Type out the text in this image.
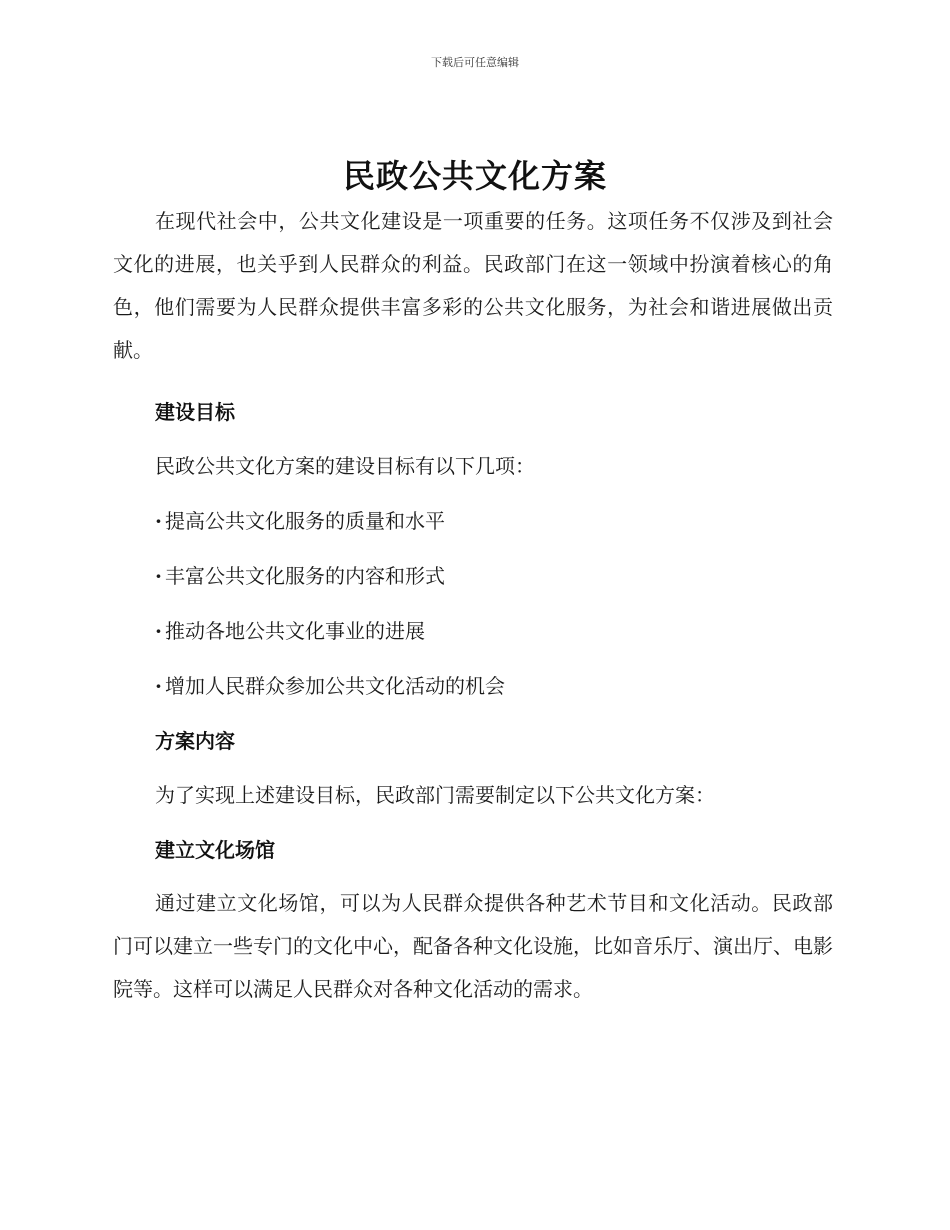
下载后可任意编辑
民政公共文化方案

在现代社会中，公共文化建设是一项重要的任务。这项任务不仅涉及到社会文化的进展，也关乎到人民群众的利益。民政部门在这一领域中扮演着核心的角色，他们需要为人民群众提供丰富多彩的公共文化服务，为社会和谐进展做出贡献。

建设目标

民政公共文化方案的建设目标有以下几项：

· 提高公共文化服务的质量和水平
· 丰富公共文化服务的内容和形式
· 推动各地公共文化事业的进展
· 增加人民群众参加公共文化活动的机会

方案内容

为了实现上述建设目标，民政部门需要制定以下公共文化方案：

建立文化场馆

通过建立文化场馆，可以为人民群众提供各种艺术节目和文化活动。民政部门可以建立一些专门的文化中心，配备各种文化设施，比如音乐厅、演出厅、电影院等。这样可以满足人民群众对各种文化活动的需求。
